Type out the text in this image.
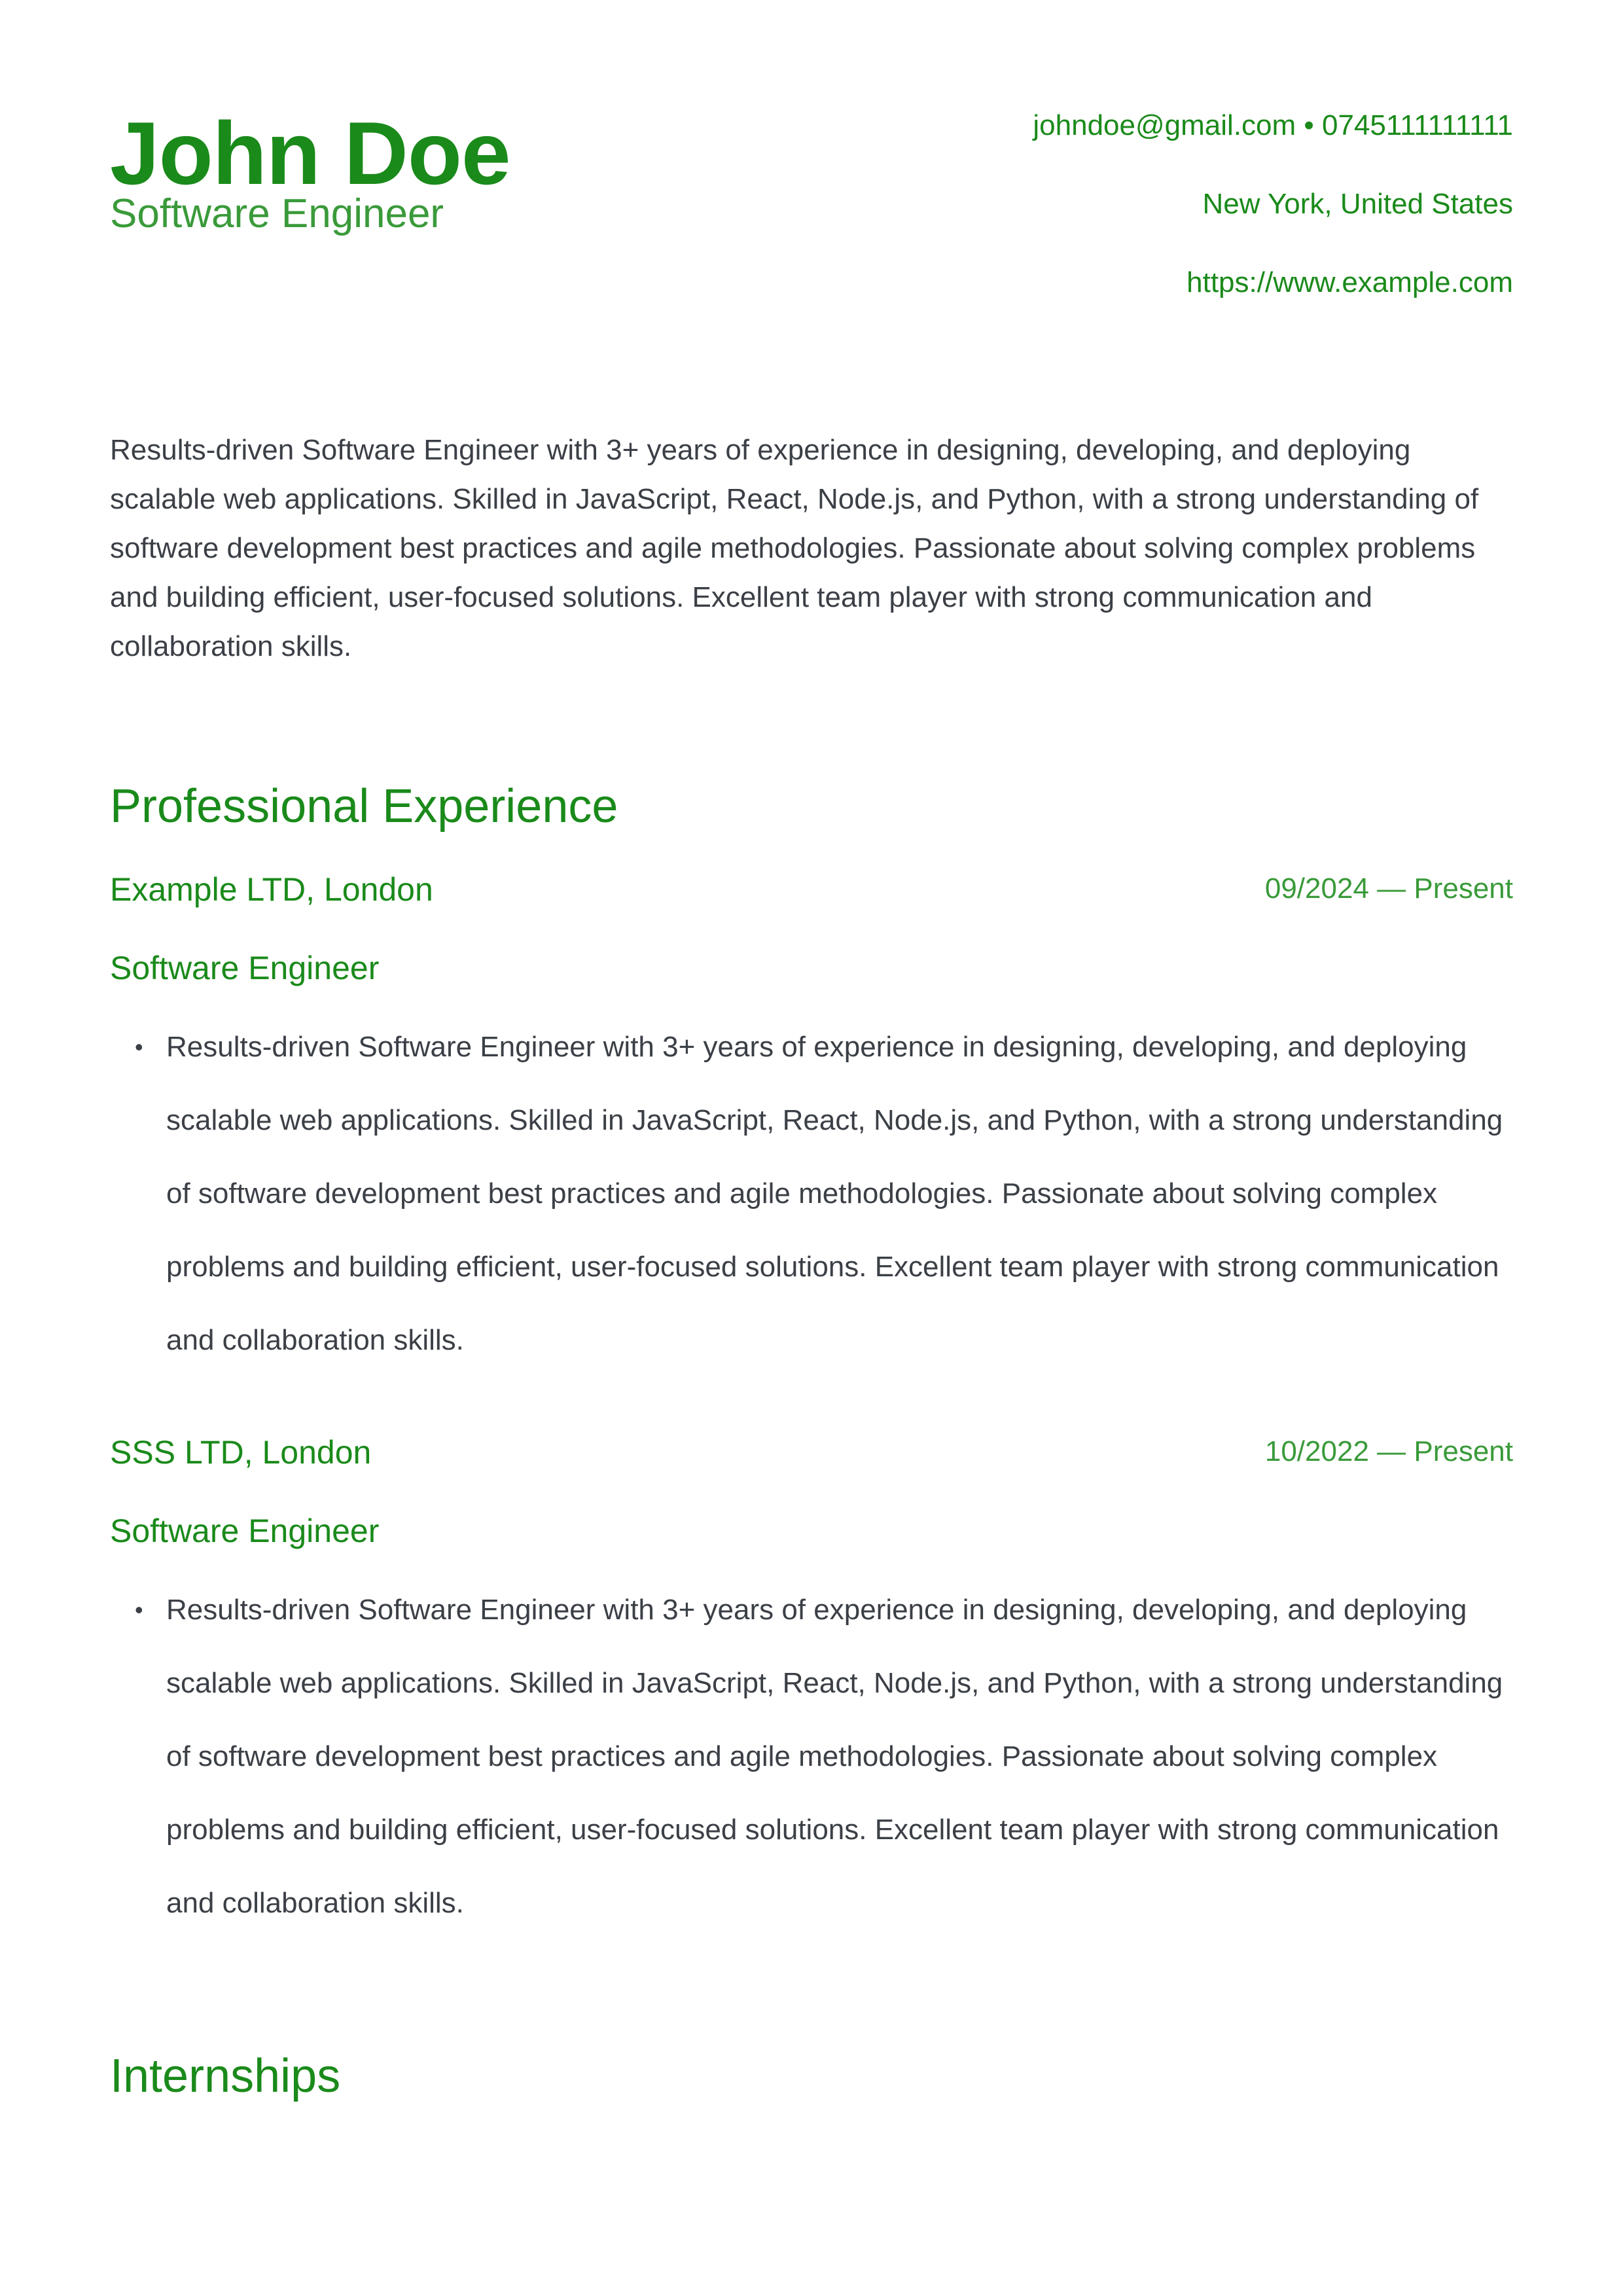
John Doe
Software Engineer
johndoe@gmail.com • 0745111111111
New York, United States
https://www.example.com

Results-driven Software Engineer with 3+ years of experience in designing, developing, and deploying scalable web applications. Skilled in JavaScript, React, Node.js, and Python, with a strong understanding of software development best practices and agile methodologies. Passionate about solving complex problems and building efficient, user-focused solutions. Excellent team player with strong communication and collaboration skills.

Professional Experience
Example LTD, London	09/2024 — Present
Software Engineer
• Results-driven Software Engineer with 3+ years of experience in designing, developing, and deploying scalable web applications. Skilled in JavaScript, React, Node.js, and Python, with a strong understanding of software development best practices and agile methodologies. Passionate about solving complex problems and building efficient, user-focused solutions. Excellent team player with strong communication and collaboration skills.
SSS LTD, London	10/2022 — Present
Software Engineer
• Results-driven Software Engineer with 3+ years of experience in designing, developing, and deploying scalable web applications. Skilled in JavaScript, React, Node.js, and Python, with a strong understanding of software development best practices and agile methodologies. Passionate about solving complex problems and building efficient, user-focused solutions. Excellent team player with strong communication and collaboration skills.
Internships
